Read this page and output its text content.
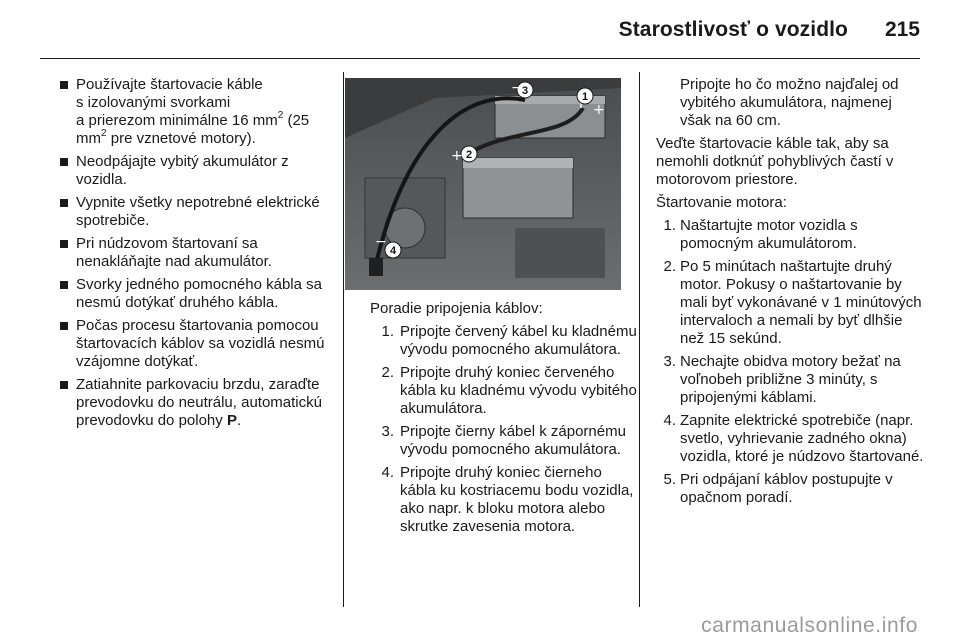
Starostlivosť o vozidlo 215
Používajte štartovacie káble
s izolovanými svorkami
a prierezom minimálne 16 $mm^2$ (25
$mm^2$ pre vznetové motory).
Neodpájajte vybitý akumulátor z vozidla.
Vypnite všetky nepotrebné elektrické spotrebiče.
Pri núdzovom štartovaní sa nenakláňajte nad akumulátor.
Svorky jedného pomocného kábla sa nesmú dotýkať druhého kábla.
Počas procesu štartovania pomocou štartovacích káblov sa vozidlá nesmú vzájomne dotýkať.
Zatiahnite parkovaciu brzdu, zaraďte prevodovku do neutrálu, automatickú prevodovku do polohy P.
1
2
3
4
+
+
−
−
Poradie pripojenia káblov:
1. Pripojte červený kábel ku kladnému vývodu pomocného akumulátora.
2. Pripojte druhý koniec červeného kábla ku kladnému vývodu vybitého akumulátora.
3. Pripojte čierny kábel k zápornému vývodu pomocného akumulátora.
4. Pripojte druhý koniec čierneho kábla ku kostriacemu bodu vozidla, ako napr. k bloku motora alebo skrutke zavesenia motora.
Pripojte ho čo možno najďalej od vybitého akumulátora, najmenej však na 60 cm.
Veďte štartovacie káble tak, aby sa nemohli dotknúť pohyblivých častí v motorovom priestore.
Štartovanie motora:
1. Naštartujte motor vozidla s pomocným akumulátorom.
2. Po 5 minútach naštartujte druhý motor. Pokusy o naštartovanie by mali byť vykonávané v 1 minútových intervaloch a nemali by byť dlhšie než 15 sekúnd.
3. Nechajte obidva motory bežať na voľnobeh približne 3 minúty, s pripojenými káblami.
4. Zapnite elektrické spotrebiče (napr. svetlo, vyhrievanie zadného okna) vozidla, ktoré je núdzovo štartované.
5. Pri odpájaní káblov postupujte v opačnom poradí.
carmanualsonline.info
